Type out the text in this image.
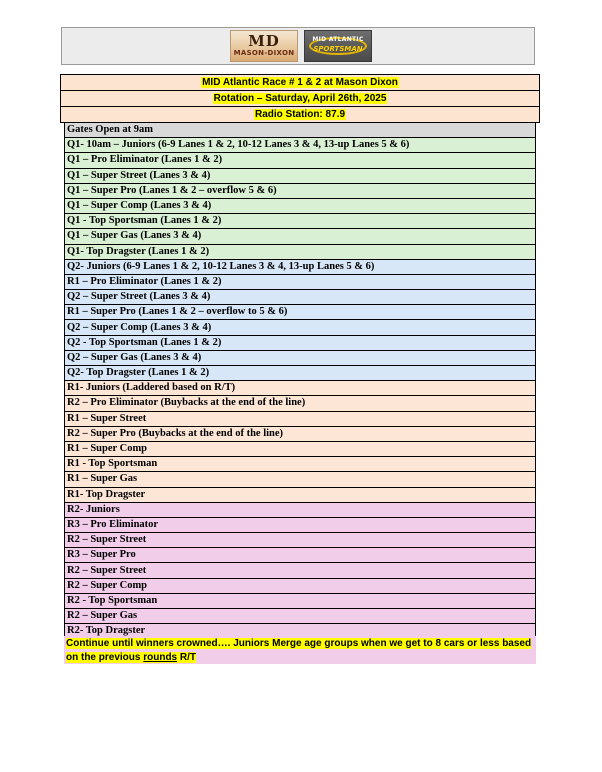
MD
MASON-DIXON
MID ATLANTIC
SPORTSMAN
MID Atlantic Race # 1 & 2 at Mason Dixon
Rotation – Saturday, April 26th, 2025
Radio Station: 87.9
Gates Open at 9am
Q1- 10am – Juniors (6-9 Lanes 1 & 2, 10-12 Lanes 3 & 4, 13-up Lanes 5 & 6)
Q1 – Pro Eliminator (Lanes 1 & 2)
Q1 – Super Street (Lanes 3 & 4)
Q1 – Super Pro (Lanes 1 & 2 – overflow 5 & 6)
Q1 – Super Comp (Lanes 3 & 4)
Q1 - Top Sportsman (Lanes 1 & 2)
Q1 – Super Gas (Lanes 3 & 4)
Q1- Top Dragster (Lanes 1 & 2)
Q2- Juniors (6-9 Lanes 1 & 2, 10-12 Lanes 3 & 4, 13-up Lanes 5 & 6)
R1 – Pro Eliminator (Lanes 1 & 2)
Q2 – Super Street (Lanes 3 & 4)
R1 – Super Pro (Lanes 1 & 2 – overflow to 5 & 6)
Q2 – Super Comp (Lanes 3 & 4)
Q2 - Top Sportsman (Lanes 1 & 2)
Q2 – Super Gas (Lanes 3 & 4)
Q2- Top Dragster (Lanes 1 & 2)
R1- Juniors (Laddered based on R/T)
R2 – Pro Eliminator (Buybacks at the end of the line)
R1 – Super Street
R2 – Super Pro (Buybacks at the end of the line)
R1 – Super Comp
R1 - Top Sportsman
R1 – Super Gas
R1- Top Dragster
R2- Juniors
R3 – Pro Eliminator
R2 – Super Street
R3 – Super Pro
R2 – Super Street
R2 – Super Comp
R2 - Top Sportsman
R2 – Super Gas
R2- Top Dragster
Continue until winners crowned…. Juniors Merge age groups when we get to 8 cars or less based on the previous rounds R/T
